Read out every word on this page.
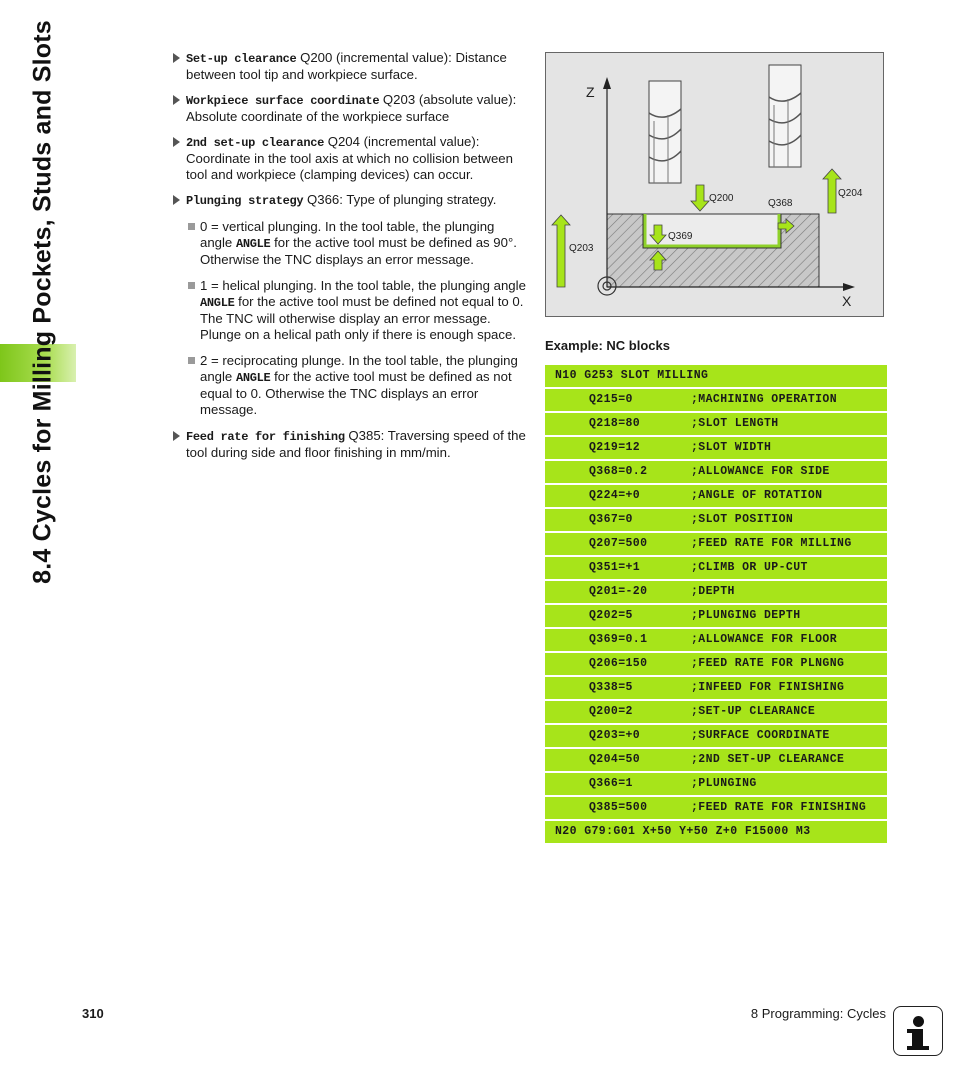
8.4 Cycles for Milling Pockets, Studs and Slots	Set-up clearance Q200 (incremental value): Distance between tool tip and workpiece surface.
Workpiece surface coordinate Q203 (absolute value): Absolute coordinate of the workpiece surface
2nd set-up clearance Q204 (incremental value): Coordinate in the tool axis at which no collision between tool and workpiece (clamping devices) can occur.
Plunging strategy Q366: Type of plunging strategy.
0 = vertical plunging. In the tool table, the plunging angle ANGLE for the active tool must be defined as 90°. Otherwise the TNC displays an error message.
1 = helical plunging. In the tool table, the plunging angle ANGLE for the active tool must be defined not equal to 0. The TNC will otherwise display an error message. Plunge on a helical path only if there is enough space.
2 = reciprocating plunge. In the tool table, the plunging angle ANGLE for the active tool must be defined as not equal to 0. Otherwise the TNC displays an error message.
Feed rate for finishing Q385: Traversing speed of the tool during side and floor finishing in mm/min.
Z
X
Q200	Q368
Q204
Q203
Q369
Example: NC blocks
N10 G253 SLOT MILLING
Q215=0	;MACHINING OPERATION
Q218=80	;SLOT LENGTH
Q219=12	;SLOT WIDTH
Q368=0.2	;ALLOWANCE FOR SIDE
Q224=+0	;ANGLE OF ROTATION
Q367=0	;SLOT POSITION
Q207=500	;FEED RATE FOR MILLING
Q351=+1	;CLIMB OR UP-CUT
Q201=-20	;DEPTH
Q202=5	;PLUNGING DEPTH
Q369=0.1	;ALLOWANCE FOR FLOOR
Q206=150	;FEED RATE FOR PLNGNG
Q338=5	;INFEED FOR FINISHING
Q200=2	;SET-UP CLEARANCE
Q203=+0	;SURFACE COORDINATE
Q204=50	;2ND SET-UP CLEARANCE
Q366=1	;PLUNGING
Q385=500	;FEED RATE FOR FINISHING
N20 G79:G01 X+50 Y+50 Z+0 F15000 M3
310	8 Programming: Cycles
